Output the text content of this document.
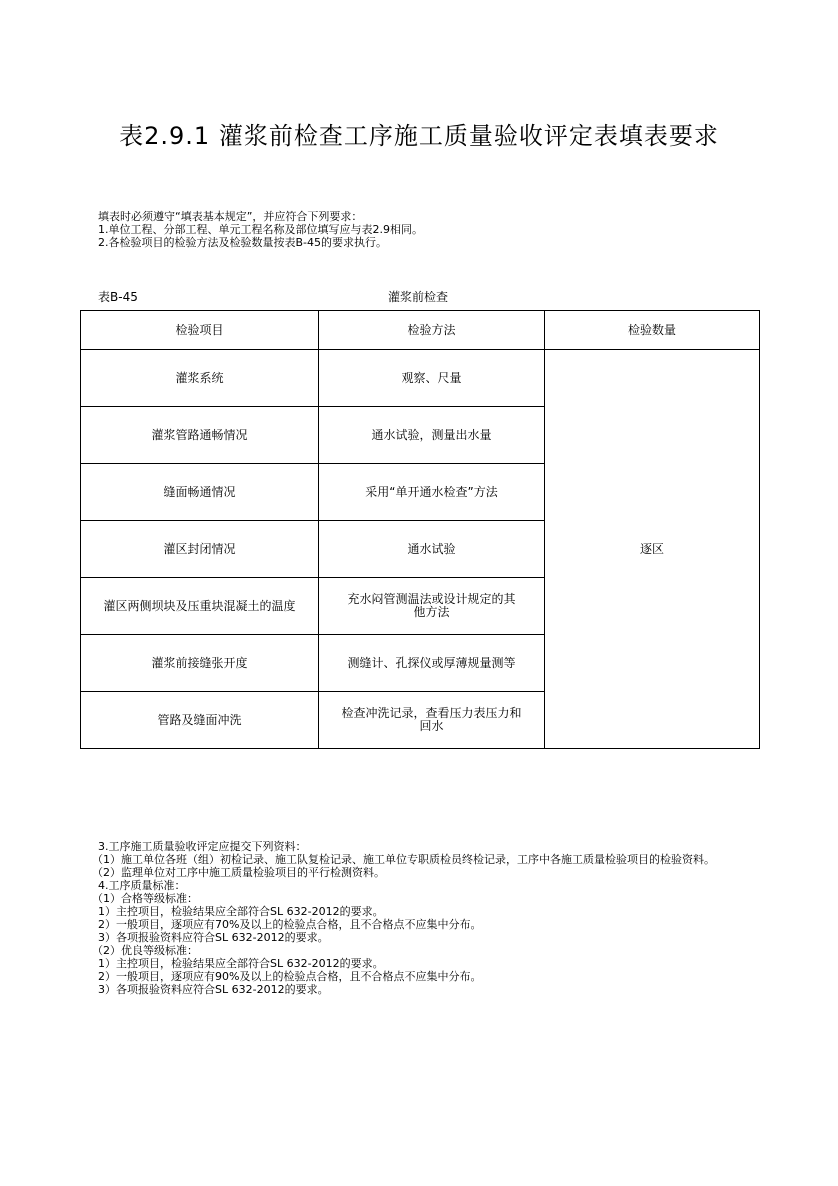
表2.9.1 灌浆前检查工序施工质量验收评定表填表要求
填表时必须遵守“填表基本规定”，并应符合下列要求：
1.单位工程、分部工程、单元工程名称及部位填写应与表2.9相同。
2.各检验项目的检验方法及检验数量按表B-45的要求执行。
表B-45	灌浆前检查
检验项目	检验方法	检验数量
灌浆系统	观察、尺量	逐区
灌浆管路通畅情况	通水试验，测量出水量	
缝面畅通情况	采用“单开通水检查”方法	
灌区封闭情况	通水试验	
灌区两侧坝块及压重块混凝土的温度	充水闷管测温法或设计规定的其他方法	
灌浆前接缝张开度	测缝计、孔探仪或厚薄规量测等	
管路及缝面冲洗	检查冲洗记录，查看压力表压力和回水	
3.工序施工质量验收评定应提交下列资料：
（1）施工单位各班（组）初检记录、施工队复检记录、施工单位专职质检员终检记录，工序中各施工质量检验项目的检验资料。
（2）监理单位对工序中施工质量检验项目的平行检测资料。
4.工序质量标准：
（1）合格等级标准：
1）主控项目，检验结果应全部符合SL 632-2012的要求。
2）一般项目，逐项应有70%及以上的检验点合格，且不合格点不应集中分布。
3）各项报验资料应符合SL 632-2012的要求。
（2）优良等级标准：
1）主控项目，检验结果应全部符合SL 632-2012的要求。
2）一般项目，逐项应有90%及以上的检验点合格，且不合格点不应集中分布。
3）各项报验资料应符合SL 632-2012的要求。
